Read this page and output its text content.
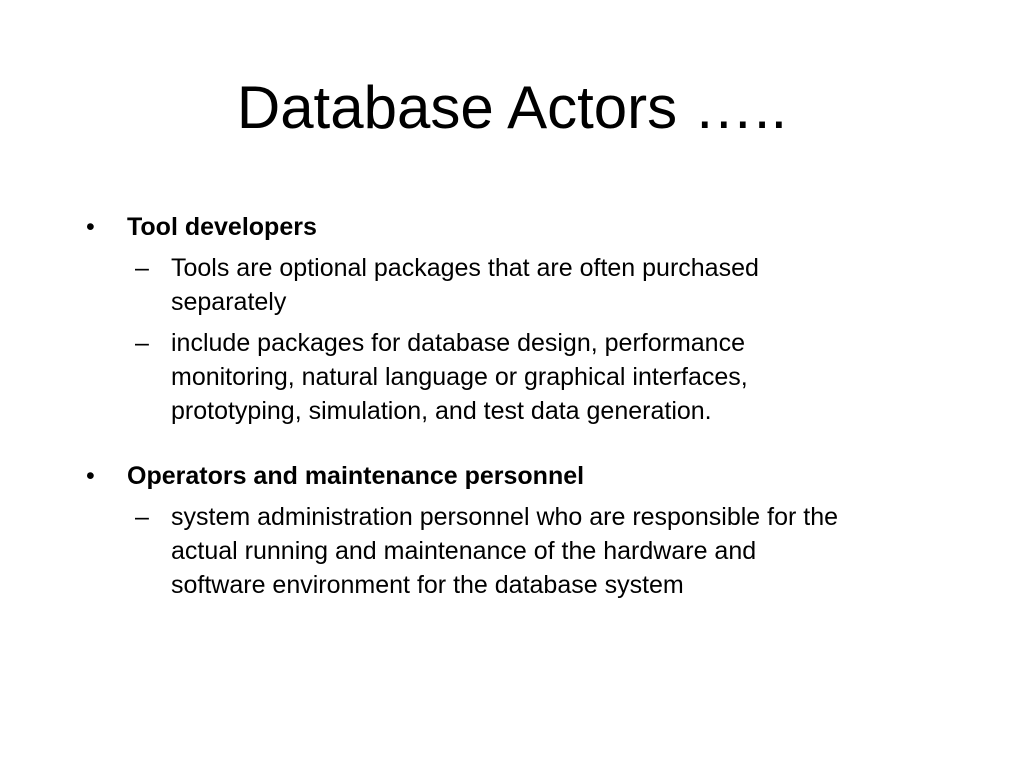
Database Actors …..
•	Tool developers
– Tools are optional packages that are often purchased
separately
– include packages for database design, performance
monitoring, natural language or graphical interfaces,
prototyping, simulation, and test data generation.
•	Operators and maintenance personnel
– system administration personnel who are responsible for the
actual running and maintenance of the hardware and
software environment for the database system
